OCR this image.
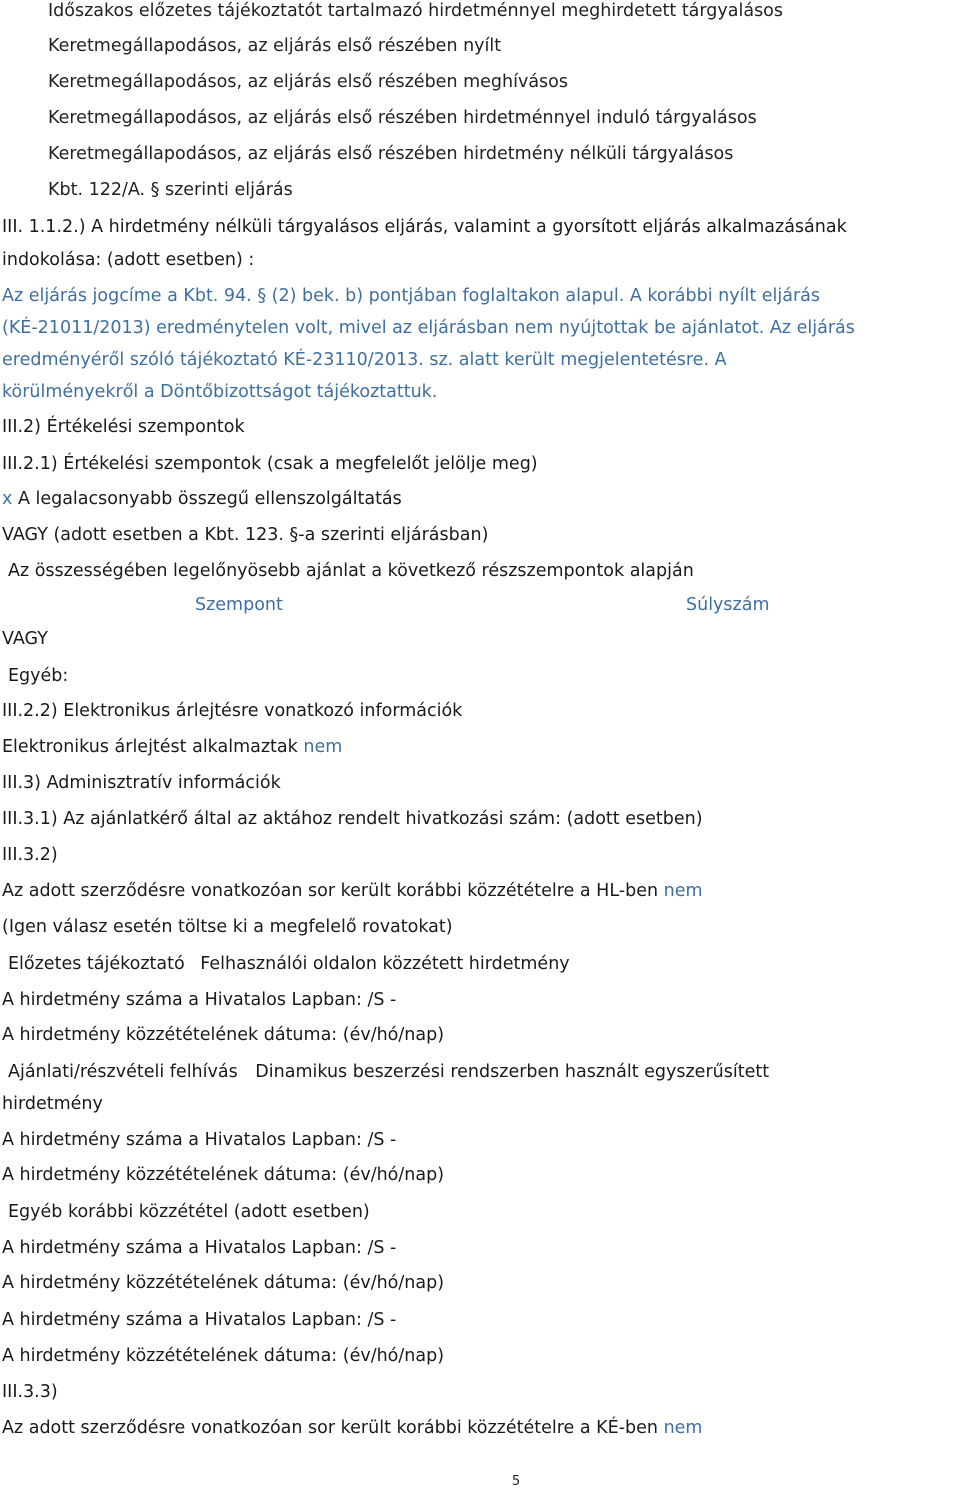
Időszakos előzetes tájékoztatót tartalmazó hirdetménnyel meghirdetett tárgyalásos
Keretmegállapodásos, az eljárás első részében nyílt
Keretmegállapodásos, az eljárás első részében meghívásos
Keretmegállapodásos, az eljárás első részében hirdetménnyel induló tárgyalásos
Keretmegállapodásos, az eljárás első részében hirdetmény nélküli tárgyalásos
Kbt. 122/A. § szerinti eljárás
III. 1.1.2.) A hirdetmény nélküli tárgyalásos eljárás, valamint a gyorsított eljárás alkalmazásának
indokolása: (adott esetben) :
Az eljárás jogcíme a Kbt. 94. § (2) bek. b) pontjában foglaltakon alapul. A korábbi nyílt eljárás
(KÉ-21011/2013) eredménytelen volt, mivel az eljárásban nem nyújtottak be ajánlatot. Az eljárás
eredményéről szóló tájékoztató KÉ-23110/2013. sz. alatt került megjelentetésre. A
körülményekről a Döntőbizottságot tájékoztattuk.
III.2) Értékelési szempontok
III.2.1) Értékelési szempontok (csak a megfelelőt jelölje meg)
x A legalacsonyabb összegű ellenszolgáltatás
VAGY (adott esetben a Kbt. 123. §-a szerinti eljárásban)
Az összességében legelőnyösebb ajánlat a következő részszempontok alapján
Szempont	Súlyszám
VAGY
Egyéb:
III.2.2) Elektronikus árlejtésre vonatkozó információk
Elektronikus árlejtést alkalmaztak nem
III.3) Adminisztratív információk
III.3.1) Az ajánlatkérő által az aktához rendelt hivatkozási szám: (adott esetben)
III.3.2)
Az adott szerződésre vonatkozóan sor került korábbi közzétételre a HL-ben nem
(Igen válasz esetén töltse ki a megfelelő rovatokat)
Előzetes tájékoztató Felhasználói oldalon közzétett hirdetmény
A hirdetmény száma a Hivatalos Lapban: /S -
A hirdetmény közzétételének dátuma: (év/hó/nap)
Ajánlati/részvételi felhívás Dinamikus beszerzési rendszerben használt egyszerűsített
hirdetmény
A hirdetmény száma a Hivatalos Lapban: /S -
A hirdetmény közzétételének dátuma: (év/hó/nap)
Egyéb korábbi közzététel (adott esetben)
A hirdetmény száma a Hivatalos Lapban: /S -
A hirdetmény közzétételének dátuma: (év/hó/nap)
A hirdetmény száma a Hivatalos Lapban: /S -
A hirdetmény közzétételének dátuma: (év/hó/nap)
III.3.3)
Az adott szerződésre vonatkozóan sor került korábbi közzétételre a KÉ-ben nem
5
